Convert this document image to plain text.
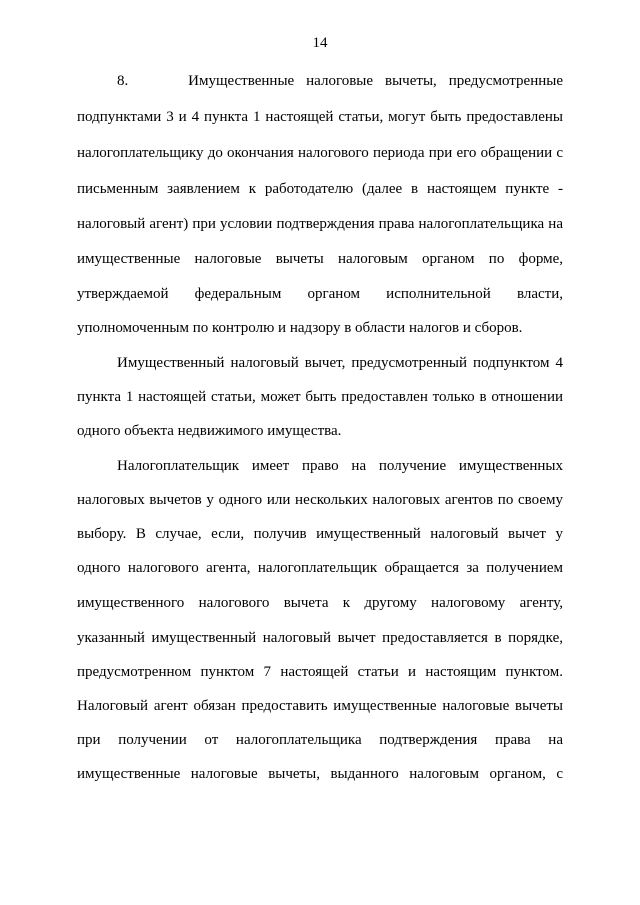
14
8.     Имущественные налоговые вычеты, предусмотренные
подпунктами 3 и 4 пункта 1 настоящей статьи, могут быть предоставлены
налогоплательщику до окончания налогового периода при его обращении с
письменным заявлением к работодателю (далее в настоящем пункте -
налоговый агент) при условии подтверждения права налогоплательщика на
имущественные налоговые вычеты налоговым органом по форме,
утверждаемой федеральным органом исполнительной власти,
уполномоченным по контролю и надзору в области налогов и сборов.
Имущественный налоговый вычет, предусмотренный подпунктом 4
пункта 1 настоящей статьи, может быть предоставлен только в отношении
одного объекта недвижимого имущества.
Налогоплательщик имеет право на получение имущественных
налоговых вычетов у одного или нескольких налоговых агентов по своему
выбору. В случае, если, получив имущественный налоговый вычет у
одного налогового агента, налогоплательщик обращается за получением
имущественного налогового вычета к другому налоговому агенту,
указанный имущественный налоговый вычет предоставляется в порядке,
предусмотренном пунктом 7 настоящей статьи и настоящим пунктом.
Налоговый агент обязан предоставить имущественные налоговые вычеты
при получении от налогоплательщика подтверждения права на
имущественные налоговые вычеты, выданного налоговым органом, с
